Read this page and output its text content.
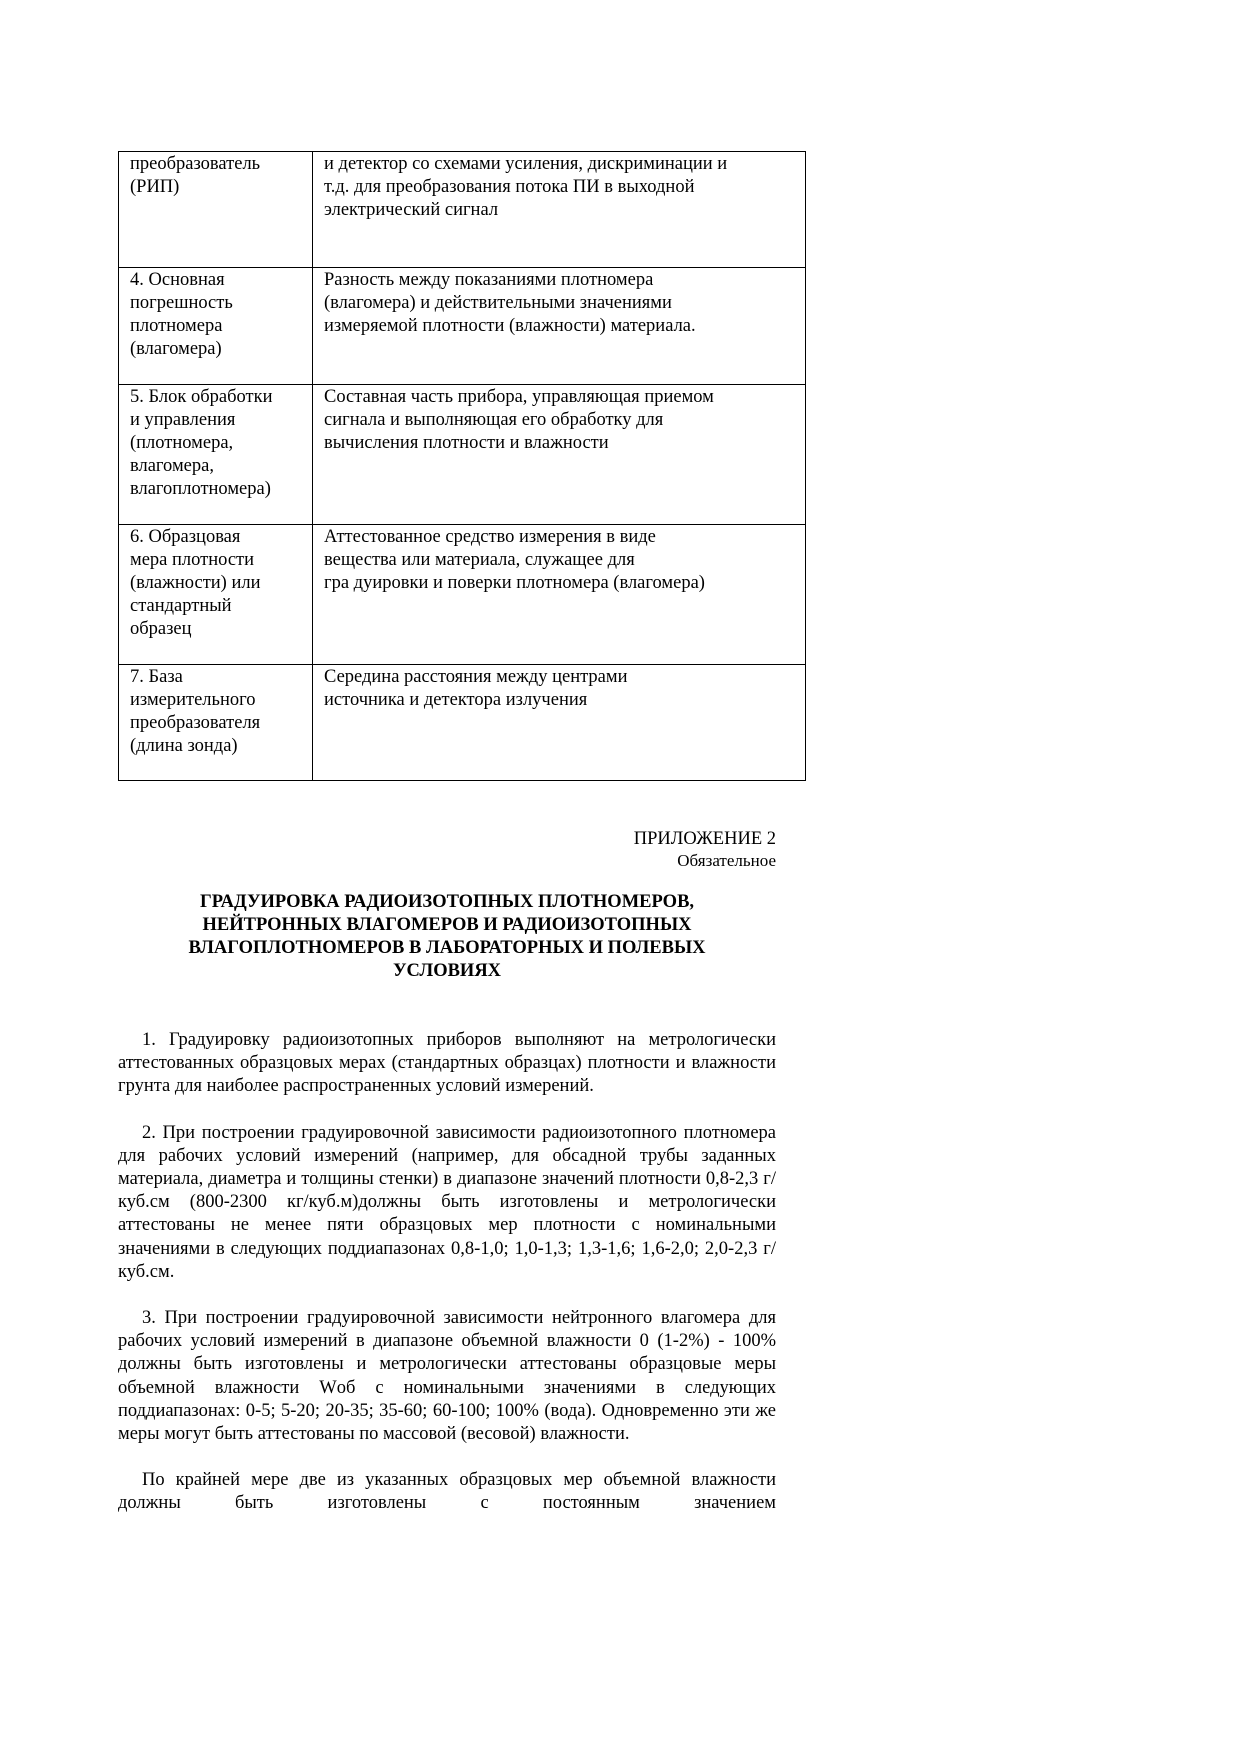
преобразователь
(РИП)	и детектор со схемами усиления, дискриминации и
т.д. для преобразования потока ПИ в выходной
электрический сигнал

4. Основная
погрешность
плотномера
(влагомера)	Разность между показаниями плотномера
(влагомера) и действительными значениями
измеряемой плотности (влажности) материала.

5. Блок обработки
и управления
(плотномера,
влагомера,
влагоплотномера)	Составная часть прибора, управляющая приемом
сигнала и выполняющая его обработку для
вычисления плотности и влажности

6. Образцовая
мера плотности
(влажности) или
стандартный
образец	Аттестованное средство измерения в виде
вещества или материала, служащее для
гра дуировки и поверки плотномера (влагомера)

7. База
измерительного
преобразователя
(длина зонда)	Середина расстояния между центрами
источника и детектора излучения
ПРИЛОЖЕНИЕ 2
Обязательное
ГРАДУИРОВКА РАДИОИЗОТОПНЫХ ПЛОТНОМЕРОВ,
НЕЙТРОННЫХ ВЛАГОМЕРОВ И РАДИОИЗОТОПНЫХ
ВЛАГОПЛОТНОМЕРОВ В ЛАБОРАТОРНЫХ И ПОЛЕВЫХ
УСЛОВИЯХ

1. Градуировку радиоизотопных приборов выполняют на метрологически аттестованных образцовых мерах (стандартных образцах) плотности и влажности грунта для наиболее распространенных условий измерений.

2. При построении градуировочной зависимости радиоизотопного плотномера для рабочих условий измерений (например, для обсадной трубы заданных материала, диаметра и толщины стенки) в диапазоне значений плотности 0,8-2,3 г/куб.см (800-2300 кг/куб.м)должны быть изготовлены и метрологически аттестованы не менее пяти образцовых мер плотности с номинальными значениями в следующих поддиапазонах 0,8-1,0; 1,0-1,3; 1,3-1,6; 1,6-2,0; 2,0-2,3 г/куб.см.

3. При построении градуировочной зависимости нейтронного влагомера для рабочих условий измерений в диапазоне объемной влажности 0 (1-2%) - 100% должны быть изготовлены и метрологически аттестованы образцовые меры объемной влажности Wоб с номинальными значениями в следующих поддиапазонах: 0-5; 5-20; 20-35; 35-60; 60-100; 100% (вода). Одновременно эти же меры могут быть аттестованы по массовой (весовой) влажности.

По крайней мере две из указанных образцовых мер объемной влажности должны быть изготовлены с постоянным значением
